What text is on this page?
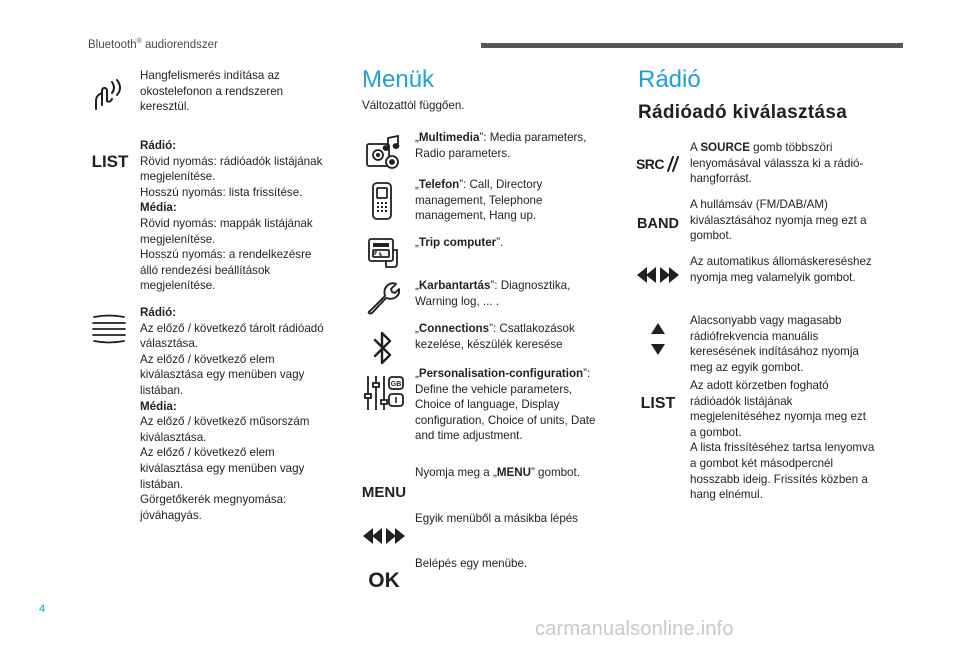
Bluetooth® audiorendszer

Hangfelismerés indítása az

okostelefonon a rendszeren

keresztül.

LIST

Rádió:

Rövid nyomás: rádióadók listájának

megjelenítése.

Hosszú nyomás: lista frissítése.

Média:

Rövid nyomás: mappák listájának

megjelenítése.

Hosszú nyomás: a rendelkezésre

álló rendezési beállítások

megjelenítése.

Rádió:

Az előző / következő tárolt rádióadó

választása.

Az előző / következő elem

kiválasztása egy menüben vagy

listában.

Média:

Az előző / következő műsorszám

kiválasztása.

Az előző / következő elem

kiválasztása egy menüben vagy

listában.

Görgetőkerék megnyomása:

jóváhagyás.

Menük
Változattól függően.

„Multimedia”: Media parameters,

Radio parameters.

„Telefon”: Call, Directory

management, Telephone

management, Hang up.

„Trip computer”.

„Karbantartás”: Diagnosztika,

Warning log, ... .

„Connections”: Csatlakozások

kezelése, készülék keresése

GB

„Personalisation-configuration”:

Define the vehicle parameters,

Choice of language, Display

configuration, Choice of units, Date

and time adjustment.

MENU

Nyomja meg a „MENU” gombot.

Egyik menüből a másikba lépés
OK
Belépés egy menübe.
Rádió
Rádióadó kiválasztása
SRC

A SOURCE gomb többszöri

lenyomásával válassza ki a rádió-

hangforrást.

BAND

A hullámsáv (FM/DAB/AM)

kiválasztásához nyomja meg ezt a

gombot.

Az automatikus állomáskereséshez

nyomja meg valamelyik gombot.

Alacsonyabb vagy magasabb

rádiófrekvencia manuális

keresésének indításához nyomja

meg az egyik gombot.

LIST

Az adott körzetben fogható

rádióadók listájának

megjelenítéséhez nyomja meg ezt

a gombot.

A lista frissítéséhez tartsa lenyomva

a gombot két másodpercnél

hosszabb ideig. Frissítés közben a

hang elnémul.

4
carmanualsonline.info
